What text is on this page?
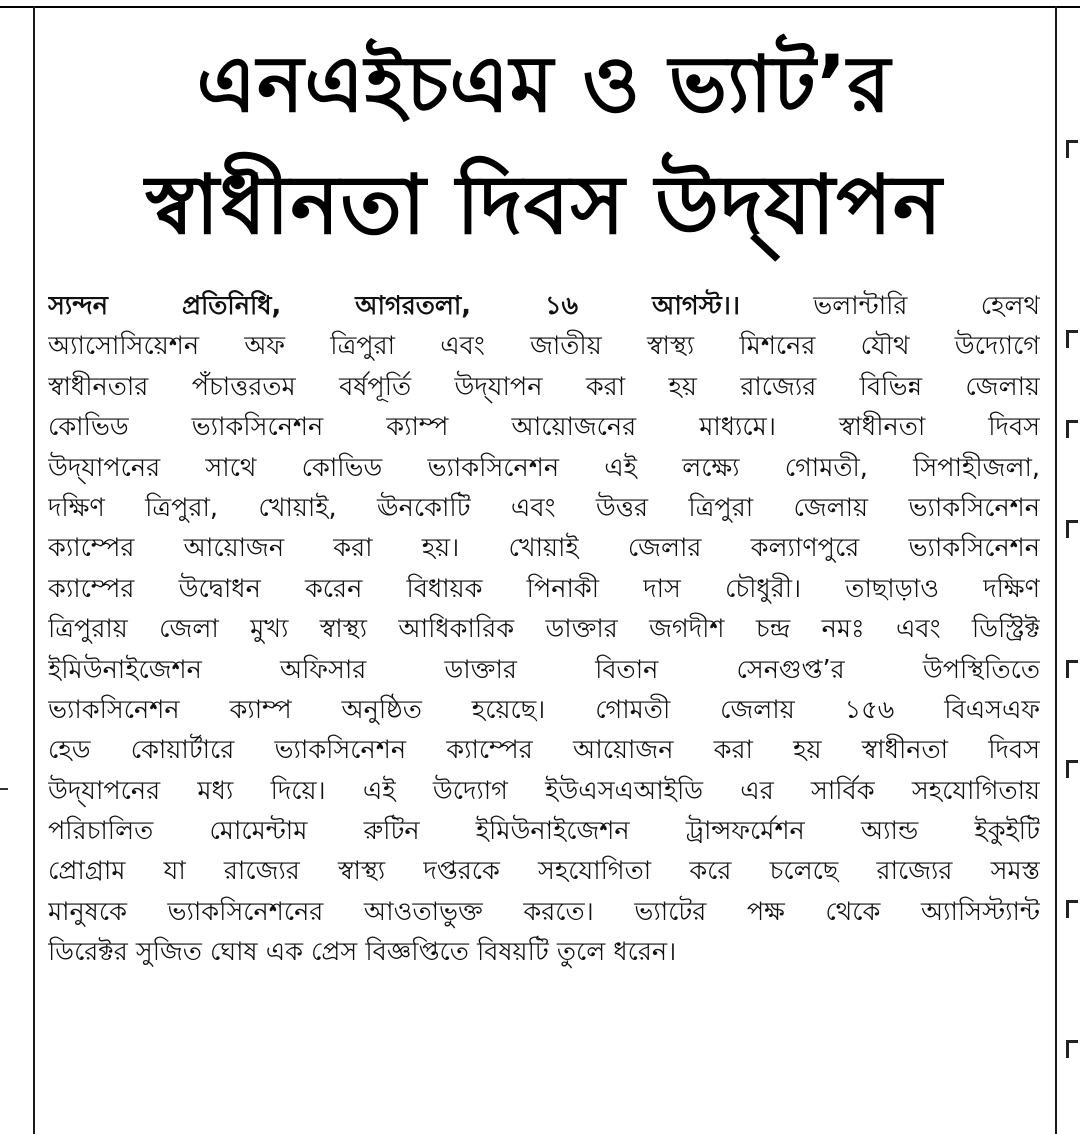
এনএইচএম ও ভ্যাট’র
স্বাধীনতা দিবস উদ্‌যাপন
স্যন্দন প্রতিনিধি, আগরতলা, ১৬ আগস্ট।। ভলান্টারি হেলথ
অ্যাসোসিয়েশন অফ ত্রিপুরা এবং জাতীয় স্বাস্থ্য মিশনের যৌথ উদ্যোগে
স্বাধীনতার পঁচাত্তরতম বর্ষপূর্তি উদ্‌যাপন করা হয় রাজ্যের বিভিন্ন জেলায়
কোভিড ভ্যাকসিনেশন ক্যাম্প আয়োজনের মাধ্যমে। স্বাধীনতা দিবস
উদ্‌যাপনের সাথে কোভিড ভ্যাকসিনেশন এই লক্ষ্যে গোমতী, সিপাহীজলা,
দক্ষিণ ত্রিপুরা, খোয়াই, ঊনকোটি এবং উত্তর ত্রিপুরা জেলায় ভ্যাকসিনেশন
ক্যাম্পের আয়োজন করা হয়। খোয়াই জেলার কল্যাণপুরে ভ্যাকসিনেশন
ক্যাম্পের উদ্বোধন করেন বিধায়ক পিনাকী দাস চৌধুরী। তাছাড়াও দক্ষিণ
ত্রিপুরায় জেলা মুখ্য স্বাস্থ্য আধিকারিক ডাক্তার জগদীশ চন্দ্র নমঃ এবং ডিস্ট্রিক্ট
ইমিউনাইজেশন অফিসার ডাক্তার বিতান সেনগুপ্ত’র উপস্থিতিতে
ভ্যাকসিনেশন ক্যাম্প অনুষ্ঠিত হয়েছে। গোমতী জেলায় ১৫৬ বিএসএফ
হেড কোয়ার্টারে ভ্যাকসিনেশন ক্যাম্পের আয়োজন করা হয় স্বাধীনতা দিবস
উদ্‌যাপনের মধ্য দিয়ে। এই উদ্যোগ ইউএসএআইডি এর সার্বিক সহযোগিতায়
পরিচালিত মোমেন্টাম রুটিন ইমিউনাইজেশন ট্রান্সফর্মেশন অ্যান্ড ইকুইটি
প্রোগ্রাম যা রাজ্যের স্বাস্থ্য দপ্তরকে সহযোগিতা করে চলেছে রাজ্যের সমস্ত
মানুষকে ভ্যাকসিনেশনের আওতাভুক্ত করতে। ভ্যাটের পক্ষ থেকে অ্যাসিস্ট্যান্ট
ডিরেক্টর সুজিত ঘোষ এক প্রেস বিজ্ঞপ্তিতে বিষয়টি তুলে ধরেন।
